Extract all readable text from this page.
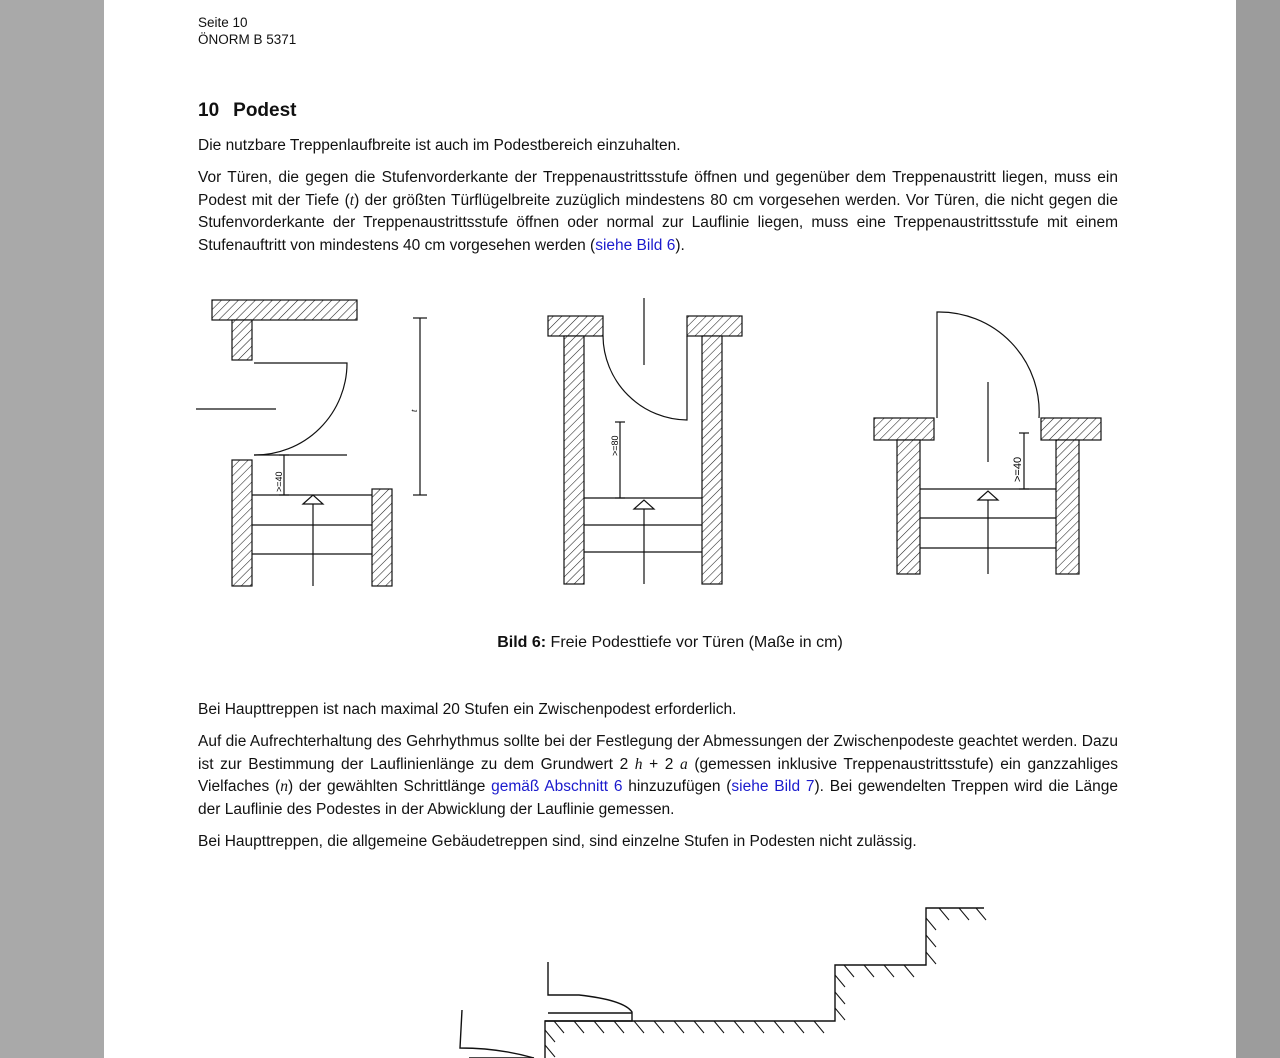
Seite 10
ÖNORM B 5371
10 Podest
Die nutzbare Treppenlaufbreite ist auch im Podestbereich einzuhalten.
Vor Türen, die gegen die Stufenvorderkante der Treppenaustrittsstufe öffnen und gegenüber dem Treppenaustritt liegen, muss ein Podest mit der Tiefe (t) der größten Türflügelbreite zuzüglich mindestens 80 cm vorgesehen werden. Vor Türen, die nicht gegen die Stufenvorderkante der Treppenaustrittsstufe öffnen oder normal zur Lauflinie liegen, muss eine Treppenaustrittsstufe mit einem Stufenauftritt von mindestens 40 cm vorgesehen werden (siehe Bild 6).
>=40
t
>=80
>=40
Bild 6: Freie Podesttiefe vor Türen (Maße in cm)
Bei Haupttreppen ist nach maximal 20 Stufen ein Zwischenpodest erforderlich.
Auf die Aufrechterhaltung des Gehrhythmus sollte bei der Festlegung der Abmessungen der Zwischenpodeste geachtet werden. Dazu ist zur Bestimmung der Lauflinienlänge zu dem Grundwert 2 h + 2 a (gemessen inklusive Treppenaustrittsstufe) ein ganzzahliges Vielfaches (n) der gewählten Schrittlänge gemäß Abschnitt 6 hinzuzufügen (siehe Bild 7). Bei gewendelten Treppen wird die Länge der Lauflinie des Podestes in der Abwicklung der Lauflinie gemessen.
Bei Haupttreppen, die allgemeine Gebäudetreppen sind, sind einzelne Stufen in Podesten nicht zulässig.
